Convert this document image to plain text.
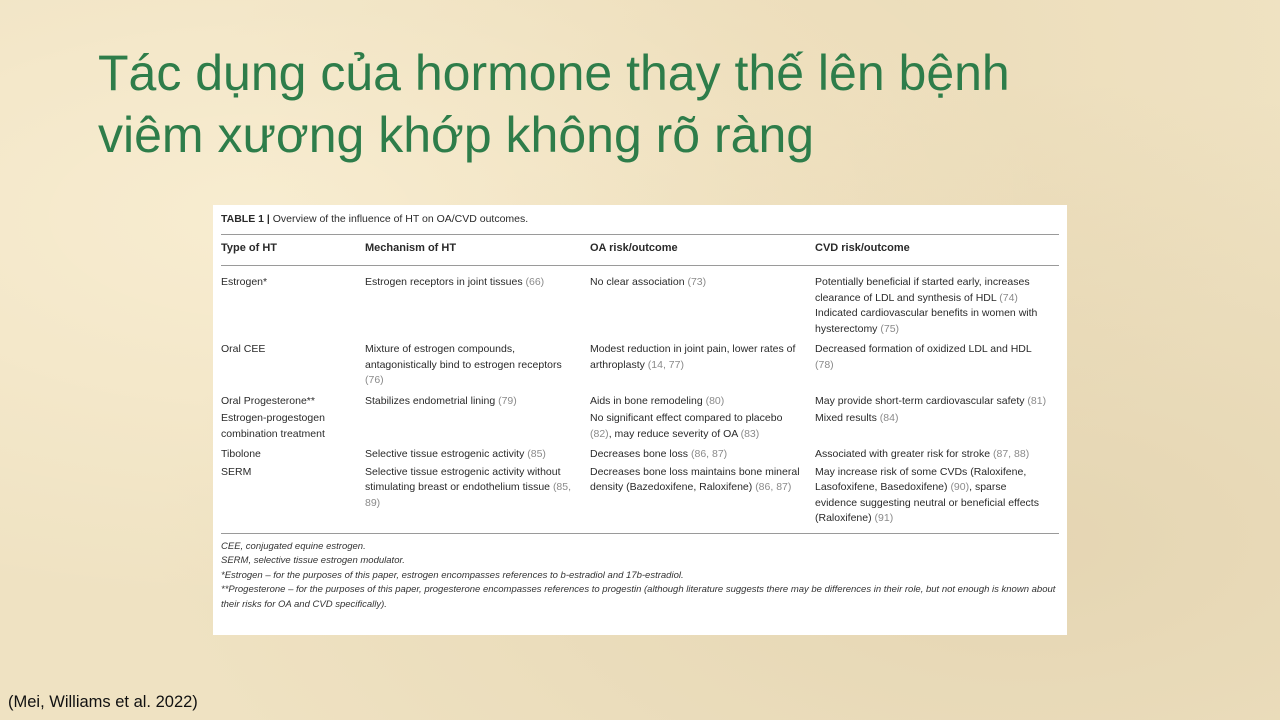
Tác dụng của hormone thay thế lên bệnh
viêm xương khớp không rõ ràng
TABLE 1 | Overview of the influence of HT on OA/CVD outcomes.
Type of HT	Mechanism of HT	OA risk/outcome	CVD risk/outcome
Estrogen*	Estrogen receptors in joint tissues (66)	No clear association (73)	Potentially beneficial if started early, increases clearance of LDL and synthesis of HDL (74)
Indicated cardiovascular benefits in women with hysterectomy (75)
Oral CEE	Mixture of estrogen compounds, antagonistically bind to estrogen receptors (76)	Modest reduction in joint pain, lower rates of arthroplasty (14, 77)	Decreased formation of oxidized LDL and HDL (78)
Oral Progesterone**	Stabilizes endometrial lining (79)	Aids in bone remodeling (80)	May provide short-term cardiovascular safety (81)
Estrogen-progestogen combination treatment		No significant effect compared to placebo (82), may reduce severity of OA (83)	Mixed results (84)
Tibolone	Selective tissue estrogenic activity (85)	Decreases bone loss (86, 87)	Associated with greater risk for stroke (87, 88)
SERM	Selective tissue estrogenic activity without stimulating breast or endothelium tissue (85, 89)	Decreases bone loss maintains bone mineral density (Bazedoxifene, Raloxifene) (86, 87)	May increase risk of some CVDs (Raloxifene, Lasofoxifene, Basedoxifene) (90), sparse evidence suggesting neutral or beneficial effects (Raloxifene) (91)
CEE, conjugated equine estrogen.
SERM, selective tissue estrogen modulator.
*Estrogen – for the purposes of this paper, estrogen encompasses references to b-estradiol and 17b-estradiol.
**Progesterone – for the purposes of this paper, progesterone encompasses references to progestin (although literature suggests there may be differences in their role, but not enough is known about their risks for OA and CVD specifically).
(Mei, Williams et al. 2022)
